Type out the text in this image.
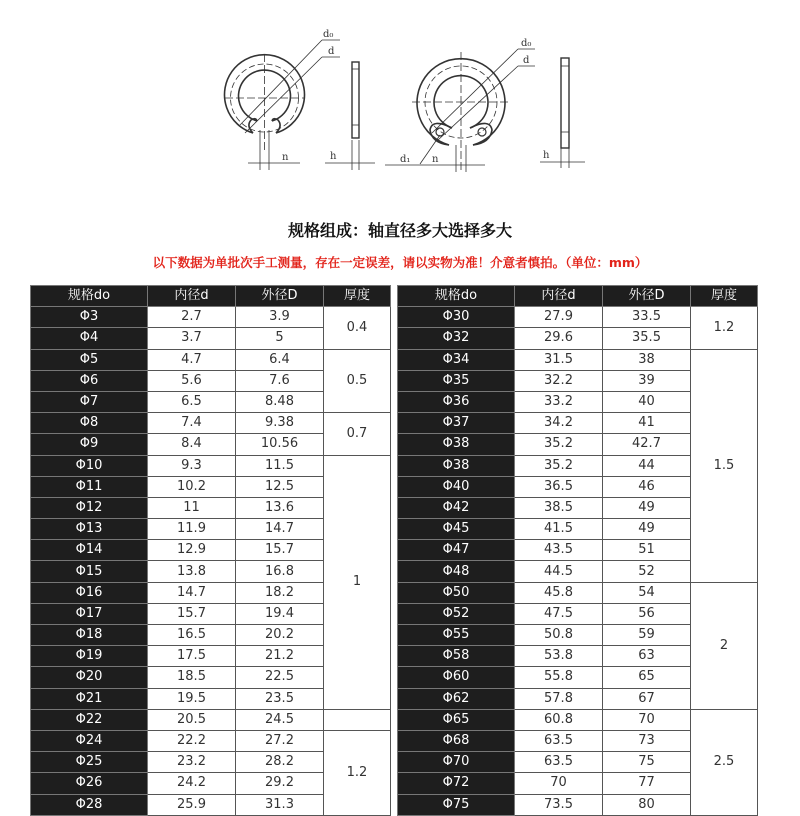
d₀
d
n	h
d₀
d
d₁ n	h
规格组成：轴直径多大选择多大
以下数据为单批次手工测量，存在一定误差，请以实物为准！介意者慎拍。（单位：mm）
规格do	内径d	外径D	厚度
Φ3	2.7	3.9	0.4
Φ4	3.7	5	
Φ5	4.7	6.4	0.5
Φ6	5.6	7.6	
Φ7	6.5	8.48	
Φ8	7.4	9.38	0.7
Φ9	8.4	10.56	
Φ10	9.3	11.5	1
Φ11	10.2	12.5	
Φ12	11	13.6	
Φ13	11.9	14.7	
Φ14	12.9	15.7	
Φ15	13.8	16.8	
Φ16	14.7	18.2	
Φ17	15.7	19.4	
Φ18	16.5	20.2	
Φ19	17.5	21.2	
Φ20	18.5	22.5	
Φ21	19.5	23.5	
Φ22	20.5	24.5	
Φ24	22.2	27.2	1.2
Φ25	23.2	28.2	
Φ26	24.2	29.2	
Φ28	25.9	31.3	
规格do	内径d	外径D	厚度
Φ30	27.9	33.5	1.2
Φ32	29.6	35.5	
Φ34	31.5	38	1.5
Φ35	32.2	39	
Φ36	33.2	40	
Φ37	34.2	41	
Φ38	35.2	42.7	
Φ38	35.2	44	
Φ40	36.5	46	
Φ42	38.5	49	
Φ45	41.5	49	
Φ47	43.5	51	
Φ48	44.5	52	
Φ50	45.8	54	2
Φ52	47.5	56	
Φ55	50.8	59	
Φ58	53.8	63	
Φ60	55.8	65	
Φ62	57.8	67	
Φ65	60.8	70	2.5
Φ68	63.5	73	
Φ70	63.5	75	
Φ72	70	77	
Φ75	73.5	80	
